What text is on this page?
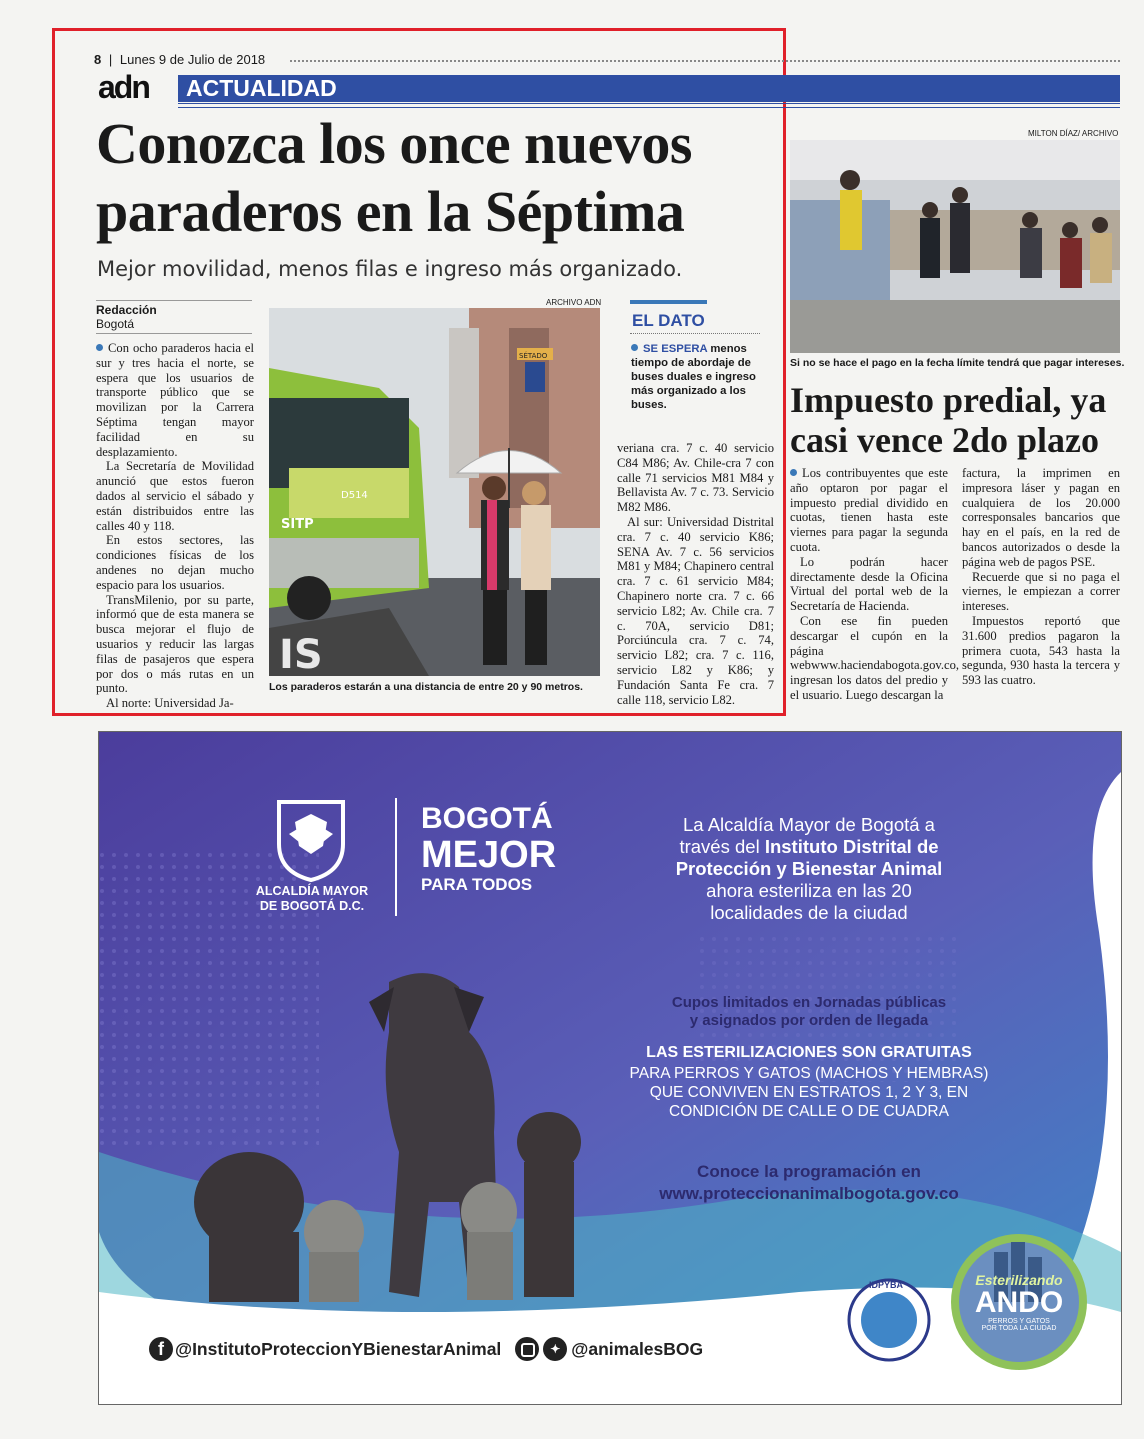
8 | Lunes 9 de Julio de 2018
adn	ACTUALIDAD
Conozca los once nuevos
paraderos en la Séptima
Mejor movilidad, menos filas e ingreso más organizado.
Redacción
Bogotá

Con ocho paraderos hacia el sur y tres hacia el norte, se espera que los usuarios de transporte público que se movilizan por la Carrera Séptima tengan mayor facilidad en su desplazamiento.

La Secretaría de Movilidad anunció que estos fueron dados al servicio el sábado y están distribuidos entre las calles 40 y 118.

En estos sectores, las condiciones físicas de los andenes no dejan mucho espacio para los usuarios.

TransMilenio, por su parte, informó que de esta manera se busca mejorar el flujo de usuarios y reducir las largas filas de pasajeros que espera por dos o más rutas en un punto.

Al norte: Universidad Ja-

ARCHIVO ADN
D514
SITP
SÉTADO
IS
Los paraderos estarán a una distancia de entre 20 y 90 metros.
EL DATO
SE ESPERA menos tiempo de abordaje de buses duales e ingreso más organizado a los buses.

veriana cra. 7 c. 40 servicio C84 M86; Av. Chile-cra 7 con calle 71 servicios M81 M84 y Bellavista Av. 7 c. 73. Servicio M82 M86.

Al sur: Universidad Distrital cra. 7 c. 40 servicio K86; SENA Av. 7 c. 56 servicios M81 y M84; Chapinero central cra. 7 c. 61 servicio M84; Chapinero norte cra. 7 c. 66 servicio L82; Av. Chile cra. 7 c. 70A, servicio D81; Porciúncula cra. 7 c. 74, servicio L82; cra. 7 c. 116, servicio L82 y K86; y Fundación Santa Fe cra. 7 calle 118, servicio L82.

MILTON DÍAZ/ ARCHIVO
Si no se hace el pago en la fecha límite tendrá que pagar intereses.
Impuesto predial, ya
casi vence 2do plazo

Los contribuyentes que este año optaron por pagar el impuesto predial dividido en cuotas, tienen hasta este viernes para pagar la segunda cuota.

Lo podrán hacer directamente desde la Oficina Virtual del portal web de la Secretaría de Hacienda.

Con ese fin pueden descargar el cupón en la página webwww.haciendabogota.gov.co, ingresan los datos del predio y el usuario. Luego descargan la

factura, la imprimen en impresora láser y pagan en cualquiera de los 20.000 corresponsales bancarios que hay en el país, en la red de bancos autorizados o desde la página web de pagos PSE.

Recuerde que si no paga el viernes, le empiezan a correr intereses.

Impuestos reportó que 31.600 predios pagaron la primera cuota, 543 hasta la segunda, 930 hasta la tercera y 593 las cuatro.

ALCALDÍA MAYOR
DE BOGOTÁ D.C.
BOGOTÁ
MEJOR
PARA TODOS
La Alcaldía Mayor de Bogotá a
través del Instituto Distrital de
Protección y Bienestar Animal
ahora esteriliza en las 20
localidades de la ciudad
Cupos limitados en Jornadas públicas
y asignados por orden de llegada
LAS ESTERILIZACIONES SON GRATUITAS
PARA PERROS Y GATOS (MACHOS Y HEMBRAS)
QUE CONVIVEN EN ESTRATOS 1, 2 Y 3, EN
CONDICIÓN DE CALLE O DE CUADRA
Conoce la programación en
www.proteccionanimalbogota.gov.co
f @InstitutoProteccionYBienestarAnimal	✦ @animalesBOG
IDPYBA	Esterilizando
ANDO
PERROS Y GATOS
POR TODA LA CIUDAD
